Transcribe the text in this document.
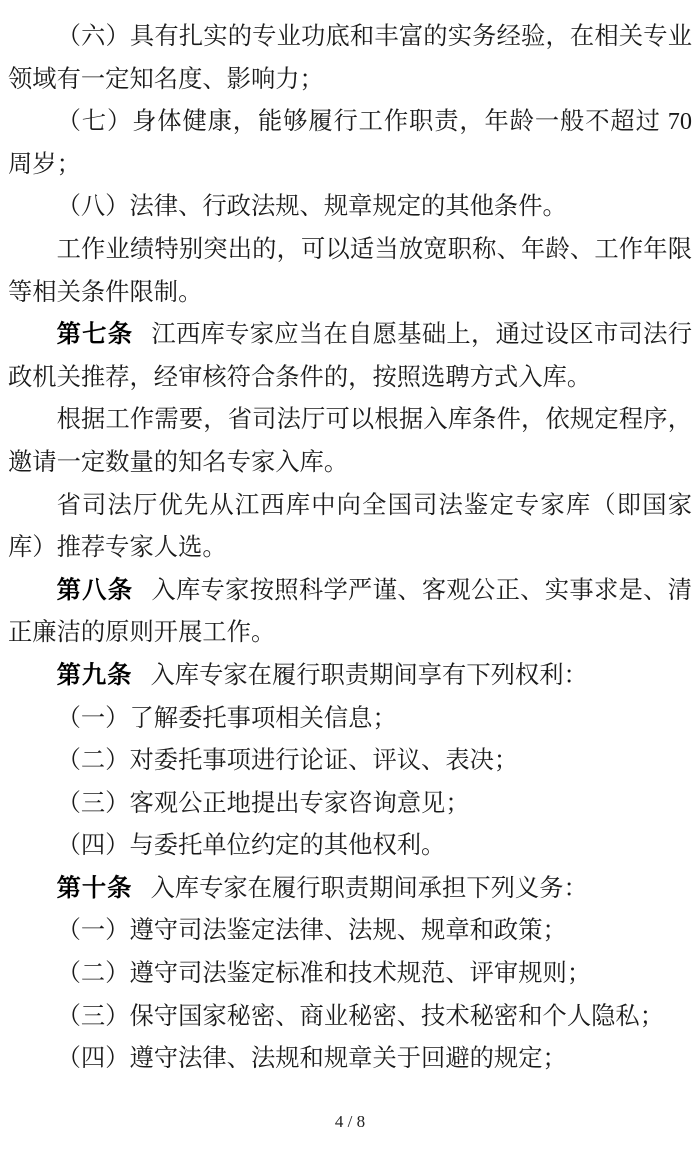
（六）具有扎实的专业功底和丰富的实务经验，在相关专业领域有一定知名度、影响力；

（七）身体健康，能够履行工作职责，年龄一般不超过 70周岁；

（八）法律、行政法规、规章规定的其他条件。

工作业绩特别突出的，可以适当放宽职称、年龄、工作年限等相关条件限制。

第七条 江西库专家应当在自愿基础上，通过设区市司法行政机关推荐，经审核符合条件的，按照选聘方式入库。

根据工作需要，省司法厅可以根据入库条件，依规定程序，邀请一定数量的知名专家入库。

省司法厅优先从江西库中向全国司法鉴定专家库（即国家库）推荐专家人选。

第八条 入库专家按照科学严谨、客观公正、实事求是、清正廉洁的原则开展工作。

第九条 入库专家在履行职责期间享有下列权利：

（一）了解委托事项相关信息；

（二）对委托事项进行论证、评议、表决；

（三）客观公正地提出专家咨询意见；

（四）与委托单位约定的其他权利。

第十条 入库专家在履行职责期间承担下列义务：

（一）遵守司法鉴定法律、法规、规章和政策；

（二）遵守司法鉴定标准和技术规范、评审规则；

（三）保守国家秘密、商业秘密、技术秘密和个人隐私；

（四）遵守法律、法规和规章关于回避的规定；

4 / 8
